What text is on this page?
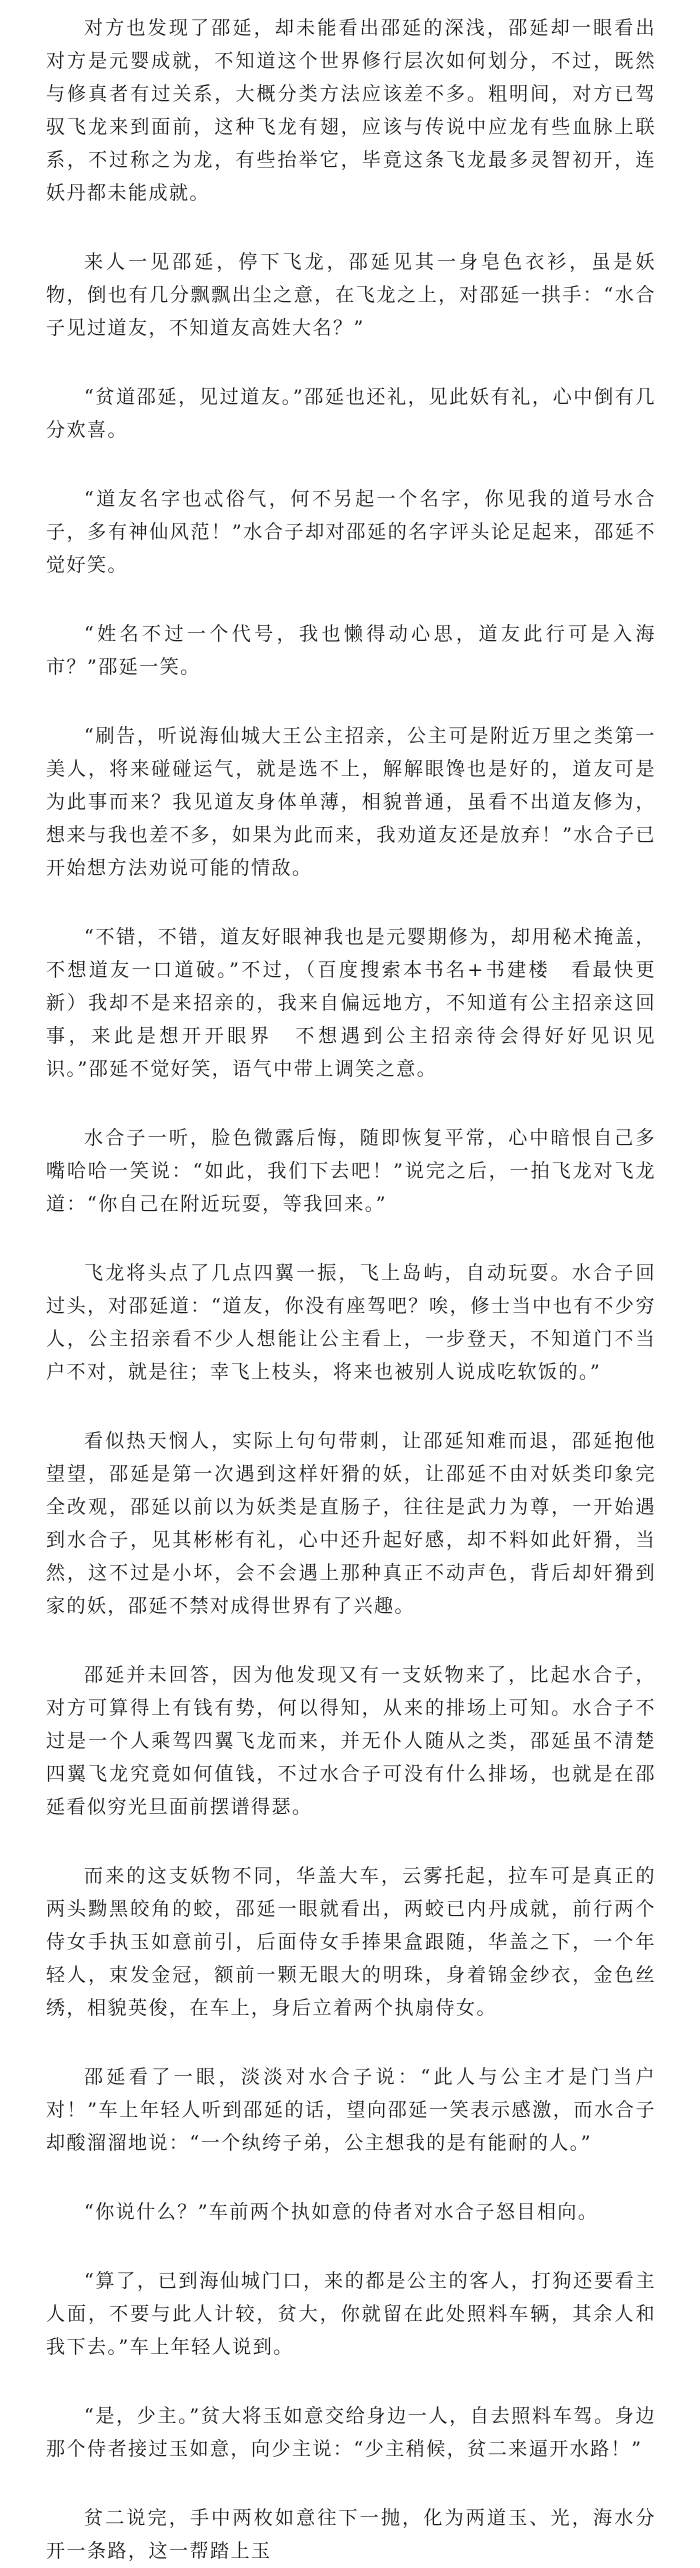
对方也发现了邵延，却未能看出邵延的深浅，邵延却一眼看出对方是元婴成就，不知道这个世界修行层次如何划分，不过，既然与修真者有过关系，大概分类方法应该差不多。粗明间，对方已驾驭飞龙来到面前，这种飞龙有翅，应该与传说中应龙有些血脉上联系，不过称之为龙，有些抬举它，毕竟这条飞龙最多灵智初开，连妖丹都未能成就。

来人一见邵延，停下飞龙，邵延见其一身皂色衣衫，虽是妖物，倒也有几分飘飘出尘之意，在飞龙之上，对邵延一拱手：“水合子见过道友，不知道友高姓大名？”

“贫道邵延，见过道友。”邵延也还礼，见此妖有礼，心中倒有几分欢喜。

“道友名字也忒俗气，何不另起一个名字，你见我的道号水合子，多有神仙风范！”水合子却对邵延的名字评头论足起来，邵延不觉好笑。

“姓名不过一个代号，我也懒得动心思，道友此行可是入海市？”邵延一笑。

“刷告，听说海仙城大王公主招亲，公主可是附近万里之类第一美人，将来碰碰运气，就是选不上，解解眼馋也是好的，道友可是为此事而来？我见道友身体单薄，相貌普通，虽看不出道友修为，想来与我也差不多，如果为此而来，我劝道友还是放弃！”水合子已开始想方法劝说可能的情敌。

“不错，不错，道友好眼神我也是元婴期修为，却用秘术掩盖，不想道友一口道破。”不过，（百度搜索本书名+书建楼　看最快更新）我却不是来招亲的，我来自偏远地方，不知道有公主招亲这回事，来此是想开开眼界　不想遇到公主招亲待会得好好见识见识。”邵延不觉好笑，语气中带上调笑之意。

水合子一听，脸色微露后悔，随即恢复平常，心中暗恨自己多嘴哈哈一笑说：“如此，我们下去吧！”说完之后，一拍飞龙对飞龙道：“你自己在附近玩耍，等我回来。”

飞龙将头点了几点四翼一振，飞上岛屿，自动玩耍。水合子回过头，对邵延道：“道友，你没有座驾吧？唉，修士当中也有不少穷人，公主招亲看不少人想能让公主看上，一步登天，不知道门不当户不对，就是往；幸飞上枝头，将来也被别人说成吃软饭的。”

看似热天悯人，实际上句句带刺，让邵延知难而退，邵延抱他望望，邵延是第一次遇到这样奸猾的妖，让邵延不由对妖类印象完全改观，邵延以前以为妖类是直肠子，往往是武力为尊，一开始遇到水合子，见其彬彬有礼，心中还升起好感，却不料如此奸猾，当然，这不过是小坏，会不会遇上那种真正不动声色，背后却奸猾到家的妖，邵延不禁对成得世界有了兴趣。

邵延并未回答，因为他发现又有一支妖物来了，比起水合子，对方可算得上有钱有势，何以得知，从来的排场上可知。水合子不过是一个人乘驾四翼飞龙而来，并无仆人随从之类，邵延虽不清楚四翼飞龙究竟如何值钱，不过水合子可没有什么排场，也就是在邵延看似穷光旦面前摆谱得瑟。

而来的这支妖物不同，华盖大车，云雾托起，拉车可是真正的两头黝黑皎角的蛟，邵延一眼就看出，两蛟已内丹成就，前行两个侍女手执玉如意前引，后面侍女手捧果盒跟随，华盖之下，一个年轻人，束发金冠，额前一颗无眼大的明珠，身着锦金纱衣，金色丝绣，相貌英俊，在车上，身后立着两个执扇侍女。

邵延看了一眼，淡淡对水合子说：“此人与公主才是门当户对！”车上年轻人听到邵延的话，望向邵延一笑表示感激，而水合子却酸溜溜地说：“一个纨绔子弟，公主想我的是有能耐的人。”

“你说什么？”车前两个执如意的侍者对水合子怒目相向。

“算了，已到海仙城门口，来的都是公主的客人，打狗还要看主人面，不要与此人计较，贫大，你就留在此处照料车辆，其余人和我下去。”车上年轻人说到。

“是，少主。”贫大将玉如意交给身边一人，自去照料车驾。身边那个侍者接过玉如意，向少主说：“少主稍候，贫二来逼开水路！”

贫二说完，手中两枚如意往下一抛，化为两道玉、光，海水分开一条路，这一帮踏上玉
